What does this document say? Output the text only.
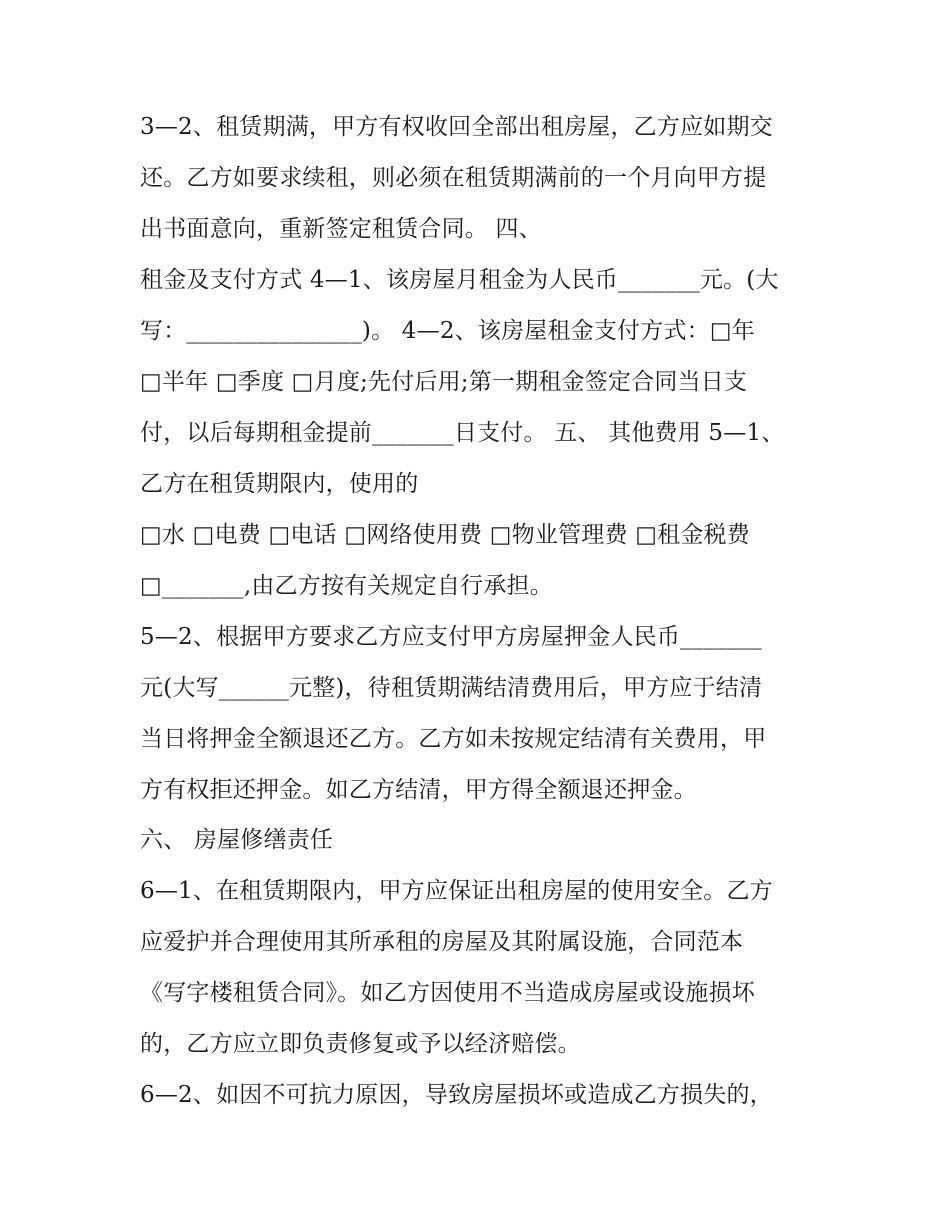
3—2、租赁期满，甲方有权收回全部出租房屋，乙方应如期交
还。乙方如要求续租，则必须在租赁期满前的一个月向甲方提
出书面意向，重新签定租赁合同。 四、
租金及支付方式 4—1、该房屋月租金为人民币_______元。(大
写：_______________)。 4—2、该房屋租金支付方式：□年
□半年 □季度 □月度;先付后用;第一期租金签定合同当日支
付，以后每期租金提前_______日支付。 五、 其他费用 5—1、
乙方在租赁期限内，使用的
□水 □电费 □电话 □网络使用费 □物业管理费 □租金税费
□_______,由乙方按有关规定自行承担。
5—2、根据甲方要求乙方应支付甲方房屋押金人民币_______
元(大写______元整)，待租赁期满结清费用后，甲方应于结清
当日将押金全额退还乙方。乙方如未按规定结清有关费用，甲
方有权拒还押金。如乙方结清，甲方得全额退还押金。
六、 房屋修缮责任
6—1、在租赁期限内，甲方应保证出租房屋的使用安全。乙方
应爱护并合理使用其所承租的房屋及其附属设施，合同范本
《写字楼租赁合同》。如乙方因使用不当造成房屋或设施损坏
的，乙方应立即负责修复或予以经济赔偿。
6—2、如因不可抗力原因，导致房屋损坏或造成乙方损失的，
